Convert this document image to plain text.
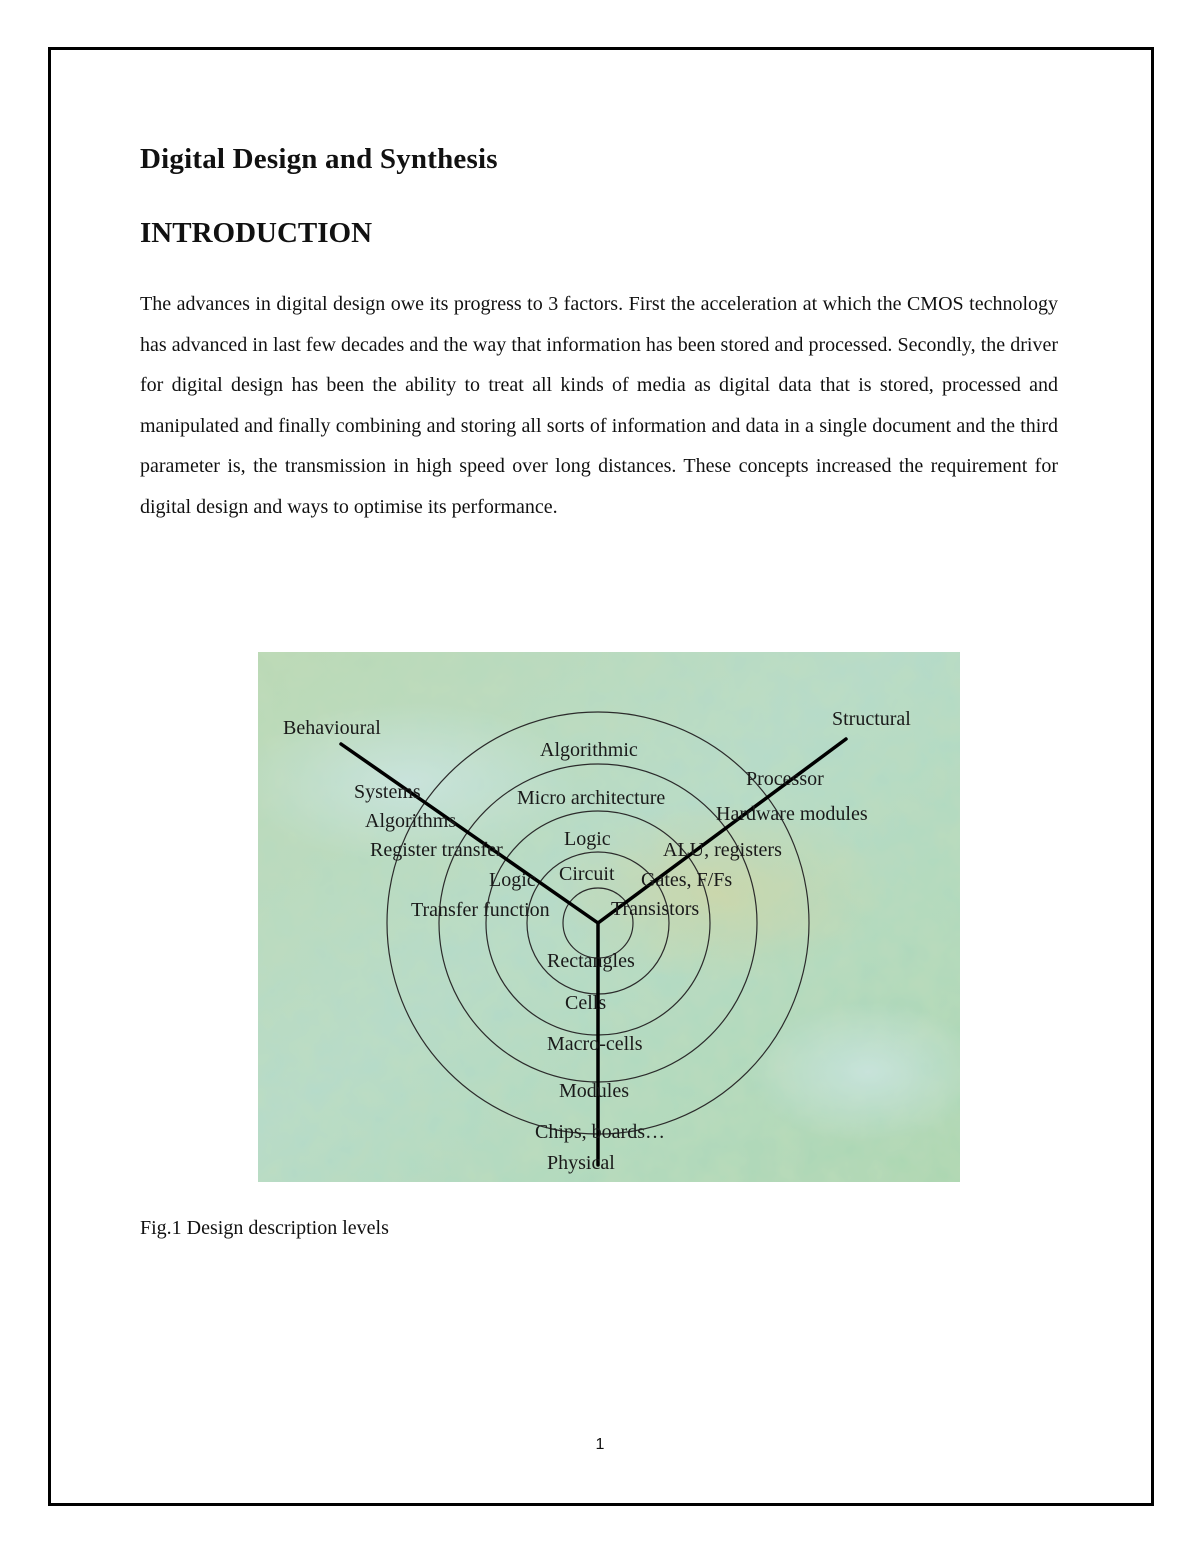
Digital Design and Synthesis
INTRODUCTION

The advances in digital design owe its progress to 3 factors. First the acceleration at which the CMOS technology has advanced in last few decades and the way that information has been stored and processed. Secondly, the driver for digital design has been the ability to treat all kinds of media as digital data that is stored, processed and manipulated and finally combining and storing all sorts of information and data in a single document and the third parameter is, the transmission in high speed over long distances. These concepts increased the requirement for digital design and ways to optimise its performance.

Behavioural	Structural
Physical
Algorithmic
Micro architecture
Logic
Circuit
Systems
Algorithms
Register transfer
Logic
Transfer function
Processor
Hardware modules
ALU, registers
Gates, F/Fs
Transistors
Rectangles
Cells
Macro-cells
Modules
Chips, boards…

Fig.1 Design description levels

1
